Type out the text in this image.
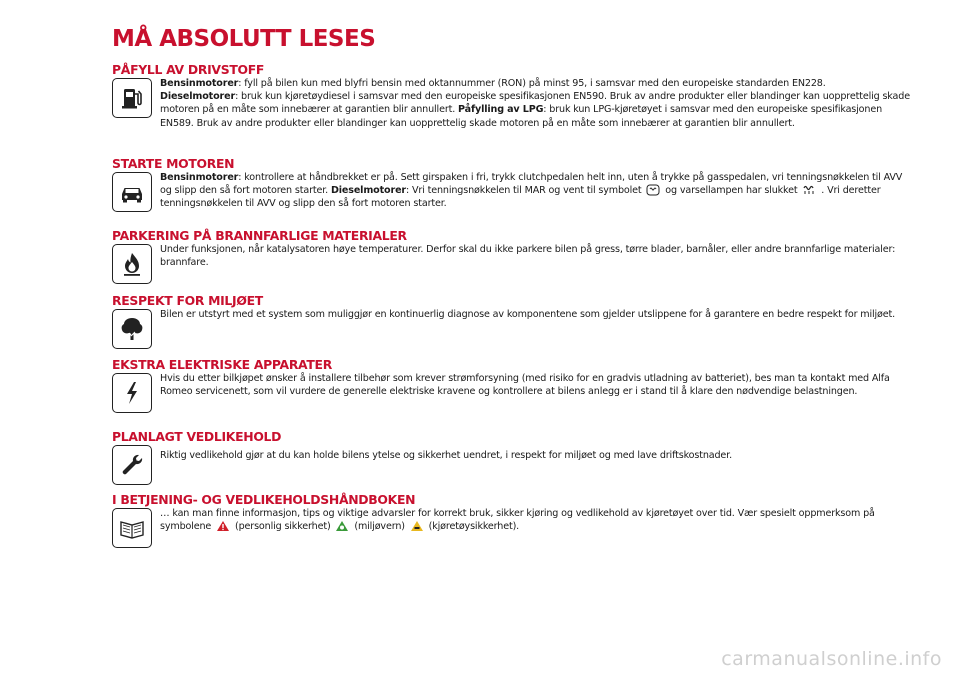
MÅ ABSOLUTT LESES
PÅFYLL AV DRIVSTOFF
Bensinmotorer: fyll på bilen kun med blyfri bensin med oktannummer (RON) på minst 95, i samsvar med den europeiske standarden EN228.
Dieselmotorer: bruk kun kjøretøydiesel i samsvar med den europeiske spesifikasjonen EN590. Bruk av andre produkter eller blandinger kan uopprettelig skade motoren på en måte som innebærer at garantien blir annullert. Påfylling av LPG: bruk kun LPG-kjøretøyet i samsvar med den europeiske spesifikasjonen EN589. Bruk av andre produkter eller blandinger kan uopprettelig skade motoren på en måte som innebærer at garantien blir annullert.
STARTE MOTOREN
Bensinmotorer: kontrollere at håndbrekket er på. Sett girspaken i fri, trykk clutchpedalen helt inn, uten å trykke på gasspedalen, vri tenningsnøkkelen til AVV og slipp den så fort motoren starter. Dieselmotorer: Vri tenningsnøkkelen til MAR og vent til symbolet og varsellampen har slukket . Vri deretter tenningsnøkkelen til AVV og slipp den så fort motoren starter.
PARKERING PÅ BRANNFARLIGE MATERIALER
Under funksjonen, når katalysatoren høye temperaturer. Derfor skal du ikke parkere bilen på gress, tørre blader, barnåler, eller andre brannfarlige materialer: brannfare.
RESPEKT FOR MILJØET
Bilen er utstyrt med et system som muliggjør en kontinuerlig diagnose av komponentene som gjelder utslippene for å garantere en bedre respekt for miljøet.
EKSTRA ELEKTRISKE APPARATER
Hvis du etter bilkjøpet ønsker å installere tilbehør som krever strømforsyning (med risiko for en gradvis utladning av batteriet), bes man ta kontakt med Alfa Romeo servicenett, som vil vurdere de generelle elektriske kravene og kontrollere at bilens anlegg er i stand til å klare den nødvendige belastningen.
PLANLAGT VEDLIKEHOLD
Riktig vedlikehold gjør at du kan holde bilens ytelse og sikkerhet uendret, i respekt for miljøet og med lave driftskostnader.
I BETJENING- OG VEDLIKEHOLDSHÅNDBOKEN
… kan man finne informasjon, tips og viktige advarsler for korrekt bruk, sikker kjøring og vedlikehold av kjøretøyet over tid. Vær spesielt oppmerksom på symbolene (personlig sikkerhet) (miljøvern) (kjøretøysikkerhet).
carmanualsonline.info
